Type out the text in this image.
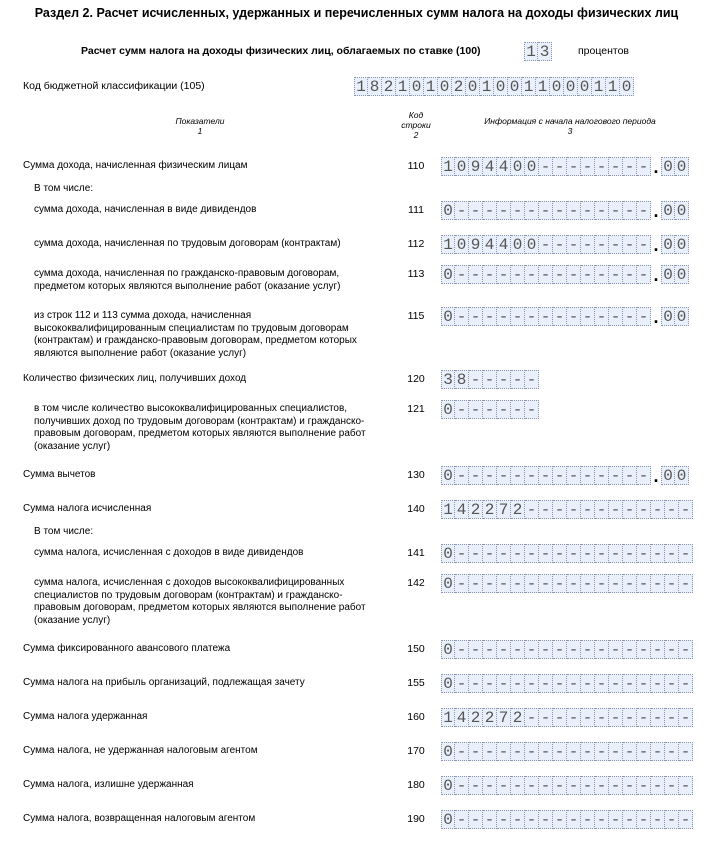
Раздел 2. Расчет исчисленных, удержанных и перечисленных сумм налога на доходы физических лиц
Расчет сумм налога на доходы физических лиц, облагаемых по ставке (100)	1 3	процентов
Код бюджетной классификации (105)	1 8 2 1 0 1 0 2 0 1 0 0 1 1 0 0 0 1 1 0
Показатели
1
Код
строки
2
Информация с начала налогового периода
3
Сумма дохода, начисленная физическим лицам	110	1 0 9 4 4 0 0 - - - - - - - - . 0 0
В том числе:
сумма дохода, начисленная в виде дивидендов	111	0 - - - - - - - - - - - - - - . 0 0
сумма дохода, начисленная по трудовым договорам (контрактам)	112	1 0 9 4 4 0 0 - - - - - - - - . 0 0
сумма дохода, начисленная по гражданско-правовым договорам, предметом которых являются выполнение работ (оказание услуг)
113	0 - - - - - - - - - - - - - - . 0 0
из строк 112 и 113 сумма дохода, начисленная высококвалифицированным специалистам по трудовым договорам (контрактам) и гражданско-правовым договорам, предметом которых являются выполнение работ (оказание услуг)
115	0 - - - - - - - - - - - - - - . 0 0
Количество физических лиц, получивших доход	120	3 8 - - - - -
в том числе количество высококвалифицированных специалистов, получивших доход по трудовым договорам (контрактам) и гражданско-правовым договорам, предметом которых являются выполнение работ (оказание услуг)
121	0 - - - - - -
Сумма вычетов	130	0 - - - - - - - - - - - - - - . 0 0
Сумма налога исчисленная	140	1 4 2 2 7 2 - - - - - - - - - - - -
В том числе:
сумма налога, исчисленная с доходов в виде дивидендов	141	0 - - - - - - - - - - - - - - - - -
сумма налога, исчисленная с доходов высококвалифицированных специалистов по трудовым договорам (контрактам) и гражданско-правовым договорам, предметом которых являются выполнение работ (оказание услуг)
142	0 - - - - - - - - - - - - - - - - -
Сумма фиксированного авансового платежа	150	0 - - - - - - - - - - - - - - - - -
Сумма налога на прибыль организаций, подлежащая зачету	155	0 - - - - - - - - - - - - - - - - -
Сумма налога удержанная	160	1 4 2 2 7 2 - - - - - - - - - - - -
Сумма налога, не удержанная налоговым агентом	170	0 - - - - - - - - - - - - - - - - -
Сумма налога, излишне удержанная	180	0 - - - - - - - - - - - - - - - - -
Сумма налога, возвращенная налоговым агентом	190	0 - - - - - - - - - - - - - - - - -
